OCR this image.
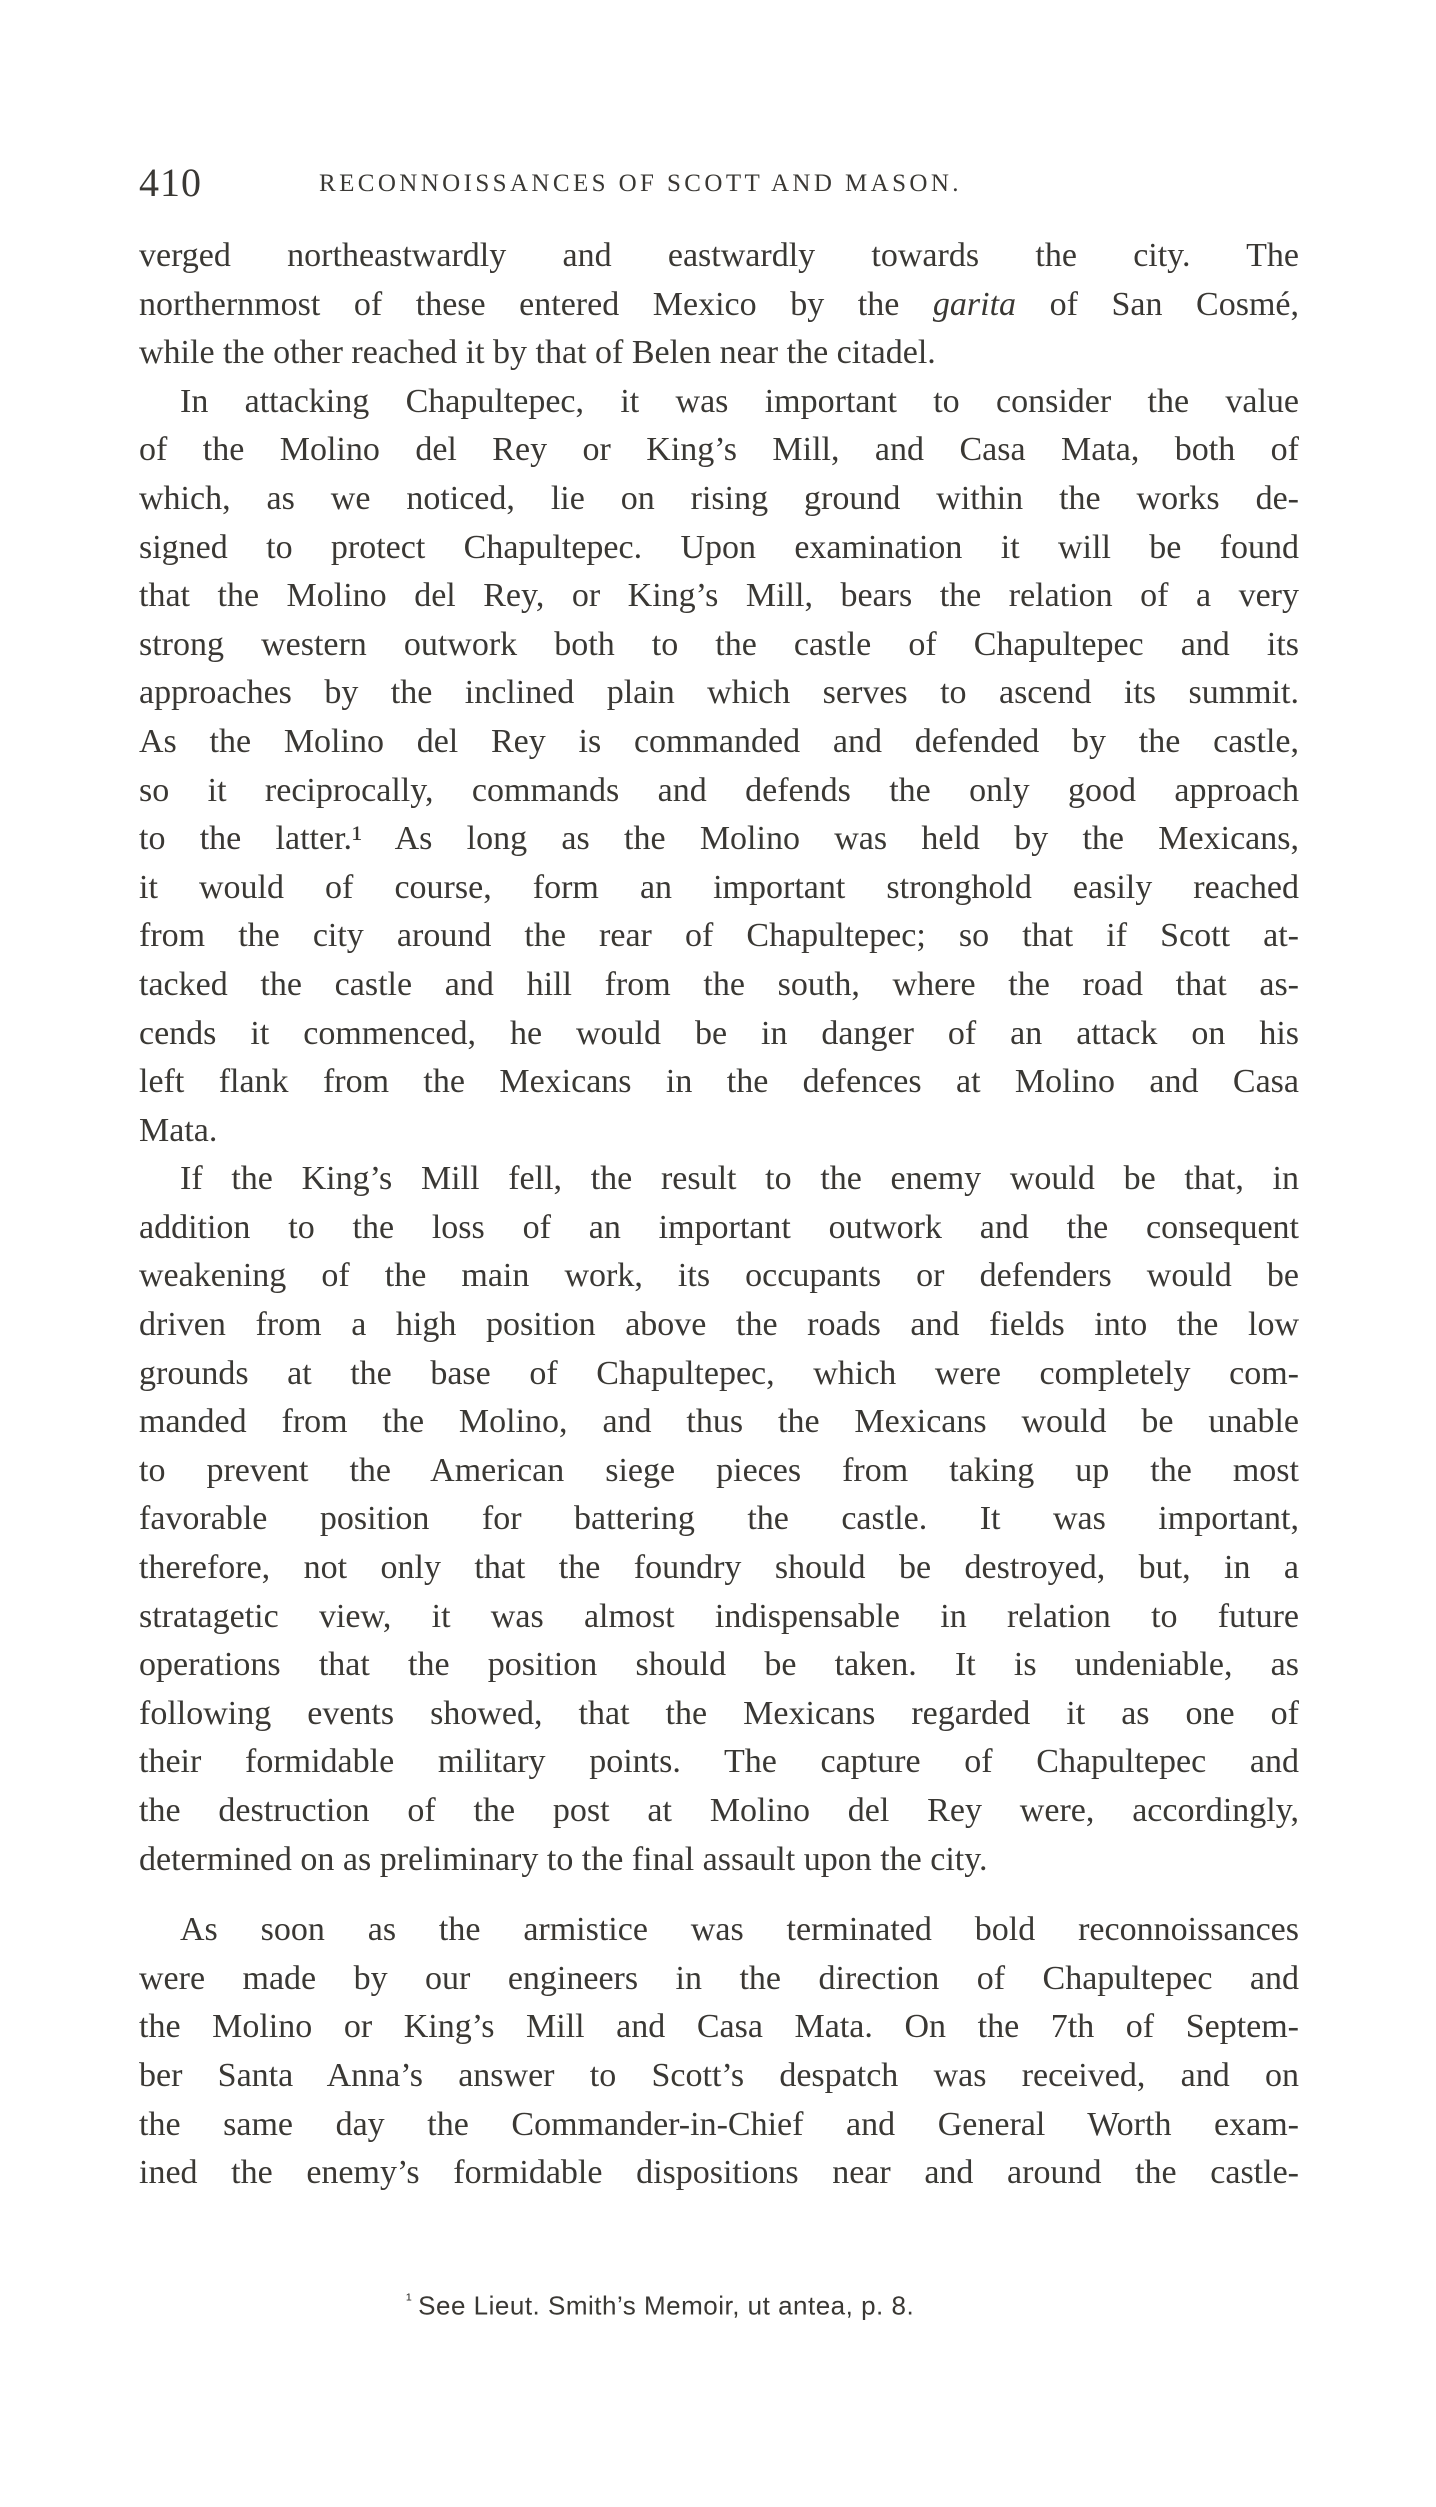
410	RECONNOISSANCES OF SCOTT AND MASON.
verged northeastwardly and eastwardly towards the city. The
northernmost of these entered Mexico by the garita of San Cosmé,
while the other reached it by that of Belen near the citadel.
In attacking Chapultepec, it was important to consider the value
of the Molino del Rey or King’s Mill, and Casa Mata, both of
which, as we noticed, lie on rising ground within the works de-
signed to protect Chapultepec. Upon examination it will be found
that the Molino del Rey, or King’s Mill, bears the relation of a very
strong western outwork both to the castle of Chapultepec and its
approaches by the inclined plain which serves to ascend its summit.
As the Molino del Rey is commanded and defended by the castle,
so it reciprocally, commands and defends the only good approach
to the latter.¹ As long as the Molino was held by the Mexicans,
it would of course, form an important stronghold easily reached
from the city around the rear of Chapultepec; so that if Scott at-
tacked the castle and hill from the south, where the road that as-
cends it commenced, he would be in danger of an attack on his
left flank from the Mexicans in the defences at Molino and Casa
Mata.
If the King’s Mill fell, the result to the enemy would be that, in
addition to the loss of an important outwork and the consequent
weakening of the main work, its occupants or defenders would be
driven from a high position above the roads and fields into the low
grounds at the base of Chapultepec, which were completely com-
manded from the Molino, and thus the Mexicans would be unable
to prevent the American siege pieces from taking up the most
favorable position for battering the castle. It was important,
therefore, not only that the foundry should be destroyed, but, in a
stratagetic view, it was almost indispensable in relation to future
operations that the position should be taken. It is undeniable, as
following events showed, that the Mexicans regarded it as one of
their formidable military points. The capture of Chapultepec and
the destruction of the post at Molino del Rey were, accordingly,
determined on as preliminary to the final assault upon the city.
As soon as the armistice was terminated bold reconnoissances
were made by our engineers in the direction of Chapultepec and
the Molino or King’s Mill and Casa Mata. On the 7th of Septem-
ber Santa Anna’s answer to Scott’s despatch was received, and on
the same day the Commander-in-Chief and General Worth exam-
ined the enemy’s formidable dispositions near and around the castle-
$^{^1}$ See Lieut. Smith’s Memoir, ut antea, p. 8.
